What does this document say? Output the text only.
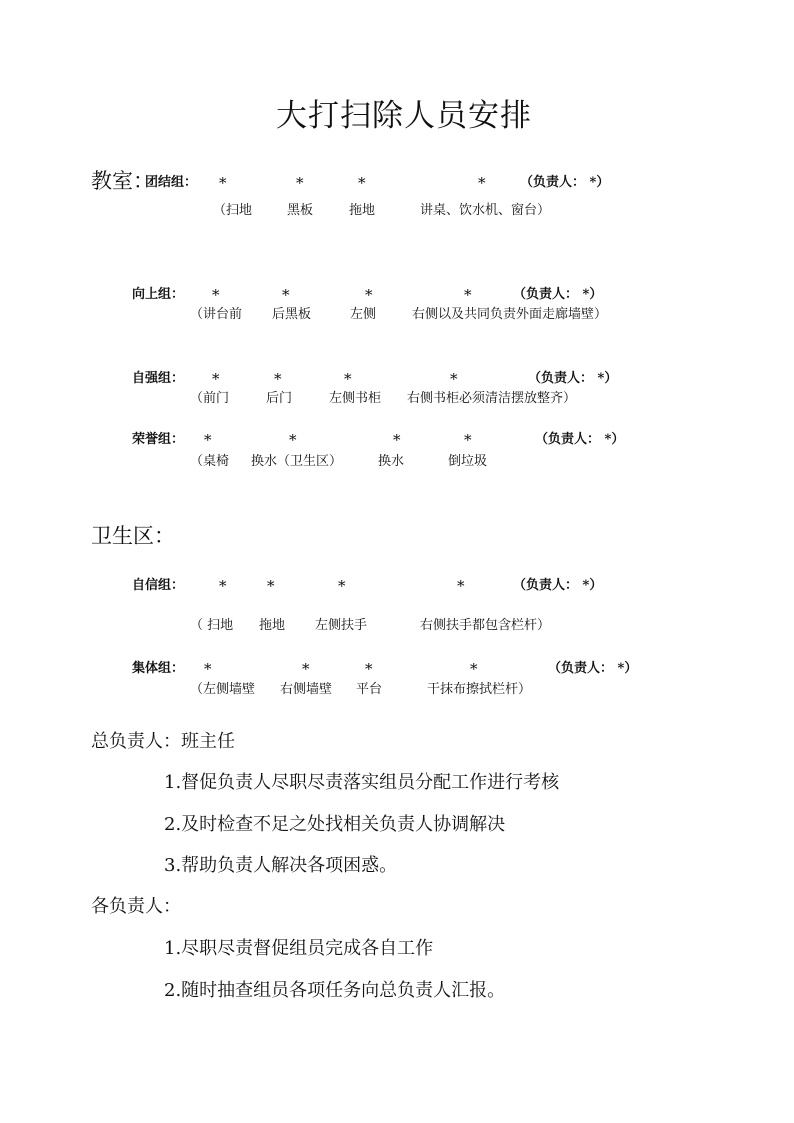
大打扫除人员安排
教室：
团结组： *	*	*	*	（负责人： *）
（扫地	黑板	拖地	讲桌、饮水机、窗台）
向上组： *	*	*	*	（负责人： *）
（讲台前 后黑板	左侧	右侧以及共同负责外面走廊墙壁）
自强组： *	*	*	*	（负责人： *）
（前门	后门	左侧书柜 右侧书柜必须清洁摆放整齐）
荣誉组： *	*	*	*	（负责人： *）
（桌椅 换水（卫生区）	换水	倒垃圾
卫生区：
自信组： *	*	*	*	（负责人： *）
（ 扫地 拖地 左侧扶手	右侧扶手都包含栏杆）
集体组： *	*	*	*	（负责人： *）
（左侧墙壁 右侧墙壁 平台	干抹布擦拭栏杆）
总负责人：班主任
1.督促负责人尽职尽责落实组员分配工作进行考核
2.及时检查不足之处找相关负责人协调解决
3.帮助负责人解决各项困惑。
各负责人：
1.尽职尽责督促组员完成各自工作
2.随时抽查组员各项任务向总负责人汇报。
